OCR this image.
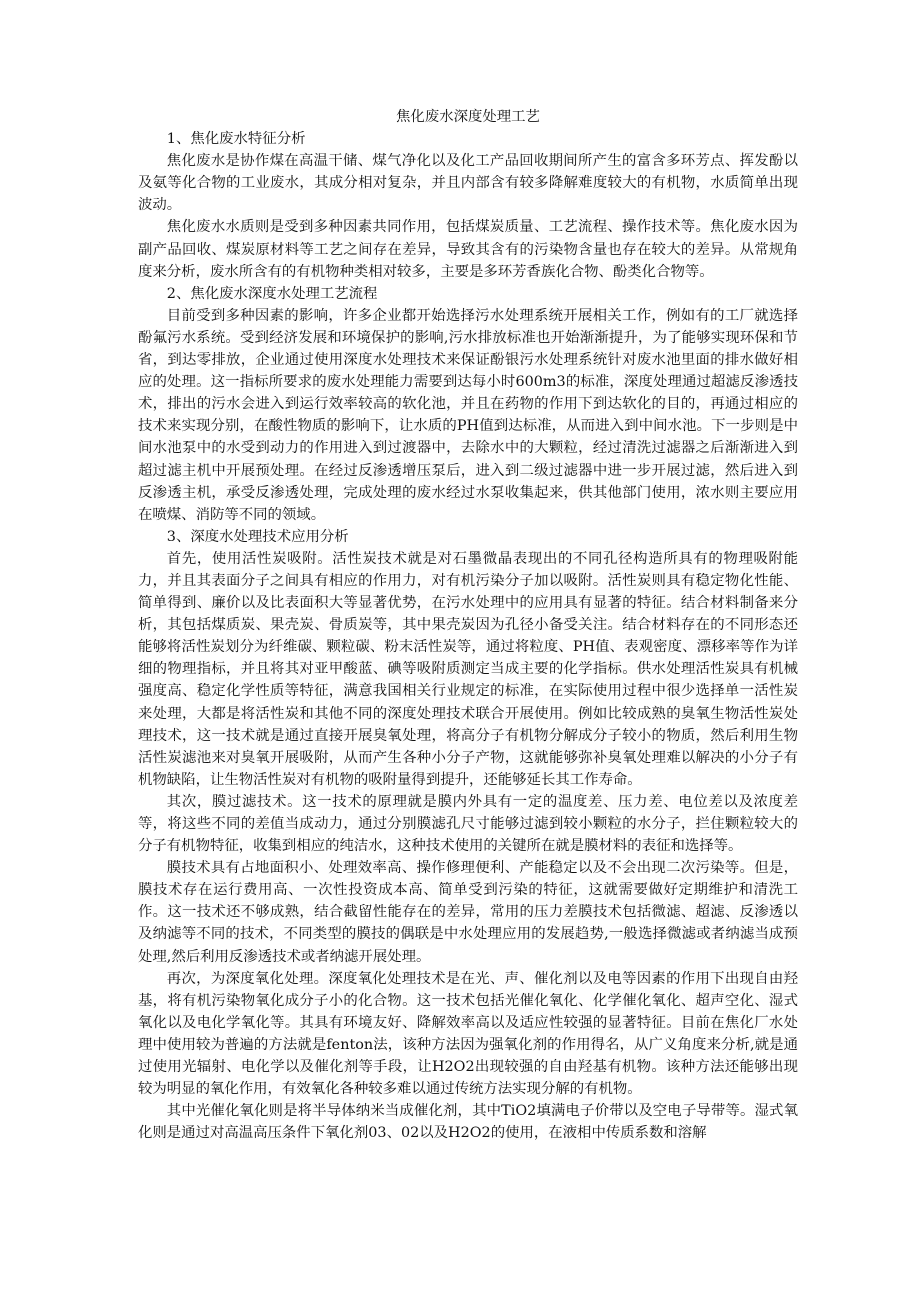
焦化废水深度处理工艺

1、焦化废水特征分析

焦化废水是协作煤在高温干储、煤气净化以及化工产品回收期间所产生的富含多环芳点、挥发酚以及氨等化合物的工业废水，其成分相对复杂，并且内部含有较多降解难度较大的有机物，水质简单出现波动。

焦化废水水质则是受到多种因素共同作用，包括煤炭质量、工艺流程、操作技术等。焦化废水因为副产品回收、煤炭原材料等工艺之间存在差异，导致其含有的污染物含量也存在较大的差异。从常规角度来分析，废水所含有的有机物种类相对较多，主要是多环芳香族化合物、酚类化合物等。

2、焦化废水深度水处理工艺流程

目前受到多种因素的影响，许多企业都开始选择污水处理系统开展相关工作，例如有的工厂就选择酚氟污水系统。受到经济发展和环境保护的影响,污水排放标准也开始渐渐提升，为了能够实现环保和节省，到达零排放，企业通过使用深度水处理技术来保证酚银污水处理系统针对废水池里面的排水做好相应的处理。这一指标所要求的废水处理能力需要到达每小时600m3的标准，深度处理通过超滤反渗透技术，排出的污水会进入到运行效率较高的软化池，并且在药物的作用下到达软化的目的，再通过相应的技术来实现分别，在酸性物质的影响下，让水质的PH值到达标准，从而进入到中间水池。下一步则是中间水池泵中的水受到动力的作用进入到过渡器中，去除水中的大颗粒，经过清洗过滤器之后渐渐进入到超过滤主机中开展预处理。在经过反渗透增压泵后，进入到二级过滤器中进一步开展过滤，然后进入到反渗透主机，承受反渗透处理，完成处理的废水经过水泵收集起来，供其他部门使用，浓水则主要应用在喷煤、消防等不同的领域。

3、深度水处理技术应用分析

首先，使用活性炭吸附。活性炭技术就是对石墨微晶表现出的不同孔径构造所具有的物理吸附能力，并且其表面分子之间具有相应的作用力，对有机污染分子加以吸附。活性炭则具有稳定物化性能、简单得到、廉价以及比表面积大等显著优势，在污水处理中的应用具有显著的特征。结合材料制备来分析，其包括煤质炭、果壳炭、骨质炭等，其中果壳炭因为孔径小备受关注。结合材料存在的不同形态还能够将活性炭划分为纤维碳、颗粒碳、粉末活性炭等，通过将粒度、PH值、表观密度、漂移率等作为详细的物理指标，并且将其对亚甲酸蓝、碘等吸附质测定当成主要的化学指标。供水处理活性炭具有机械强度高、稳定化学性质等特征，满意我国相关行业规定的标准，在实际使用过程中很少选择单一活性炭来处理，大都是将活性炭和其他不同的深度处理技术联合开展使用。例如比较成熟的臭氧生物活性炭处理技术，这一技术就是通过直接开展臭氧处理，将高分子有机物分解成分子较小的物质，然后利用生物活性炭滤池来对臭氧开展吸附，从而产生各种小分子产物，这就能够弥补臭氧处理难以解决的小分子有机物缺陷，让生物活性炭对有机物的吸附量得到提升，还能够延长其工作寿命。

其次，膜过滤技术。这一技术的原理就是膜内外具有一定的温度差、压力差、电位差以及浓度差等，将这些不同的差值当成动力，通过分别膜滤孔尺寸能够过滤到较小颗粒的水分子，拦住颗粒较大的分子有机物特征，收集到相应的纯洁水，这种技术使用的关键所在就是膜材料的表征和选择等。

膜技术具有占地面积小、处理效率高、操作修理便利、产能稳定以及不会出现二次污染等。但是，膜技术存在运行费用高、一次性投资成本高、简单受到污染的特征，这就需要做好定期维护和清洗工作。这一技术还不够成熟，结合截留性能存在的差异，常用的压力差膜技术包括微滤、超滤、反渗透以及纳滤等不同的技术，不同类型的膜技的偶联是中水处理应用的发展趋势,一般选择微滤或者纳滤当成预处理,然后利用反渗透技术或者纳滤开展处理。

再次，为深度氧化处理。深度氧化处理技术是在光、声、催化剂以及电等因素的作用下出现自由羟基，将有机污染物氧化成分子小的化合物。这一技术包括光催化氧化、化学催化氧化、超声空化、湿式氧化以及电化学氧化等。其具有环境友好、降解效率高以及适应性较强的显著特征。目前在焦化厂水处理中使用较为普遍的方法就是fenton法，该种方法因为强氧化剂的作用得名，从广义角度来分析,就是通过使用光辐射、电化学以及催化剂等手段，让H2O2出现较强的自由羟基有机物。该种方法还能够出现较为明显的氧化作用，有效氧化各种较多难以通过传统方法实现分解的有机物。

其中光催化氧化则是将半导体纳米当成催化剂，其中TiO2填满电子价带以及空电子导带等。湿式氧化则是通过对高温高压条件下氧化剂03、02以及H2O2的使用，在液相中传质系数和溶解
